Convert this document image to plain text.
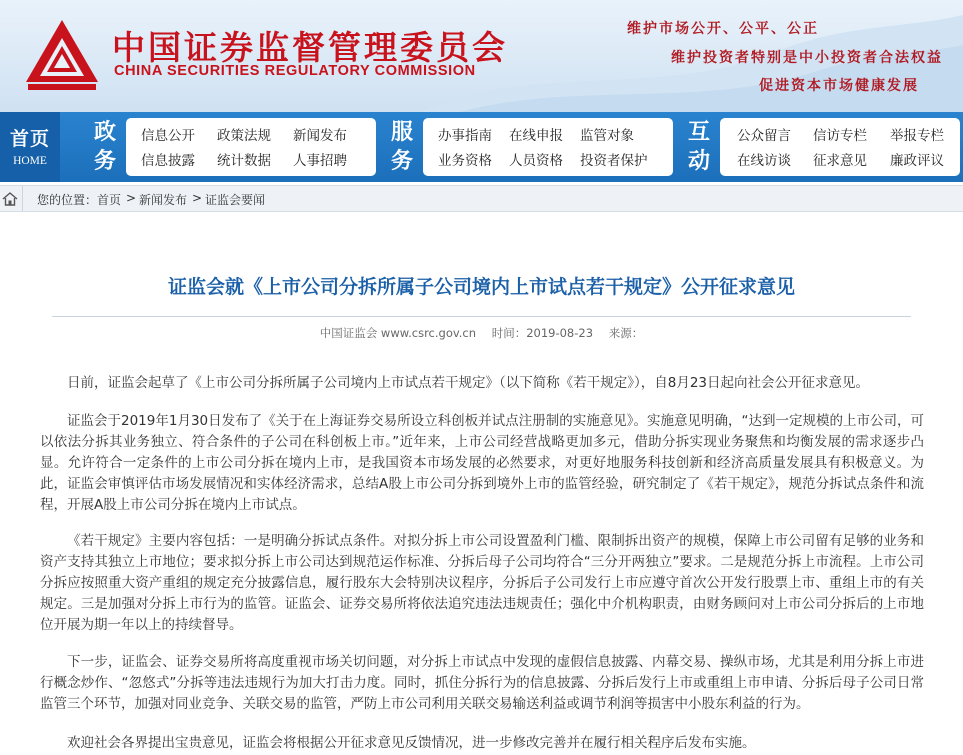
中国证券监督管理委员会
CHINA SECURITIES REGULATORY COMMISSION
维护市场公开、公平、公正
维护投资者特别是中小投资者合法权益
促进资本市场健康发展
首页
HOME
政
务
信息公开 政策法规 新闻发布
信息披露 统计数据 人事招聘
服
务
办事指南 在线申报 监管对象
业务资格 人员资格 投资者保护
互
动
公众留言 信访专栏 举报专栏
在线访谈 征求意见 廉政评议
您的位置： 首页 > 新闻发布 > 证监会要闻
证监会就《上市公司分拆所属子公司境内上市试点若干规定》公开征求意见
中国证监会 www.csrc.gov.cn 时间：2019-08-23 来源：
日前，证监会起草了《上市公司分拆所属子公司境内上市试点若干规定》（以下简称《若干规定》），自8月23日起向社会公开征求意见。
证监会于2019年1月30日发布了《关于在上海证券交易所设立科创板并试点注册制的实施意见》。实施意见明确，“达到一定规模的上市公司，可以依法分拆其业务独立、符合条件的子公司在科创板上市。”近年来，上市公司经营战略更加多元，借助分拆实现业务聚焦和均衡发展的需求逐步凸显。允许符合一定条件的上市公司分拆在境内上市，是我国资本市场发展的必然要求，对更好地服务科技创新和经济高质量发展具有积极意义。为此，证监会审慎评估市场发展情况和实体经济需求，总结A股上市公司分拆到境外上市的监管经验，研究制定了《若干规定》，规范分拆试点条件和流程，开展A股上市公司分拆在境内上市试点。
《若干规定》主要内容包括：一是明确分拆试点条件。对拟分拆上市公司设置盈利门槛、限制拆出资产的规模，保障上市公司留有足够的业务和资产支持其独立上市地位；要求拟分拆上市公司达到规范运作标准、分拆后母子公司均符合“三分开两独立”要求。二是规范分拆上市流程。上市公司分拆应按照重大资产重组的规定充分披露信息，履行股东大会特别决议程序，分拆后子公司发行上市应遵守首次公开发行股票上市、重组上市的有关规定。三是加强对分拆上市行为的监管。证监会、证券交易所将依法追究违法违规责任；强化中介机构职责，由财务顾问对上市公司分拆后的上市地位开展为期一年以上的持续督导。
下一步，证监会、证券交易所将高度重视市场关切问题，对分拆上市试点中发现的虚假信息披露、内幕交易、操纵市场，尤其是利用分拆上市进行概念炒作、“忽悠式”分拆等违法违规行为加大打击力度。同时，抓住分拆行为的信息披露、分拆后发行上市或重组上市申请、分拆后母子公司日常监管三个环节，加强对同业竞争、关联交易的监管，严防上市公司利用关联交易输送利益或调节利润等损害中小股东利益的行为。
欢迎社会各界提出宝贵意见，证监会将根据公开征求意见反馈情况，进一步修改完善并在履行相关程序后发布实施。
